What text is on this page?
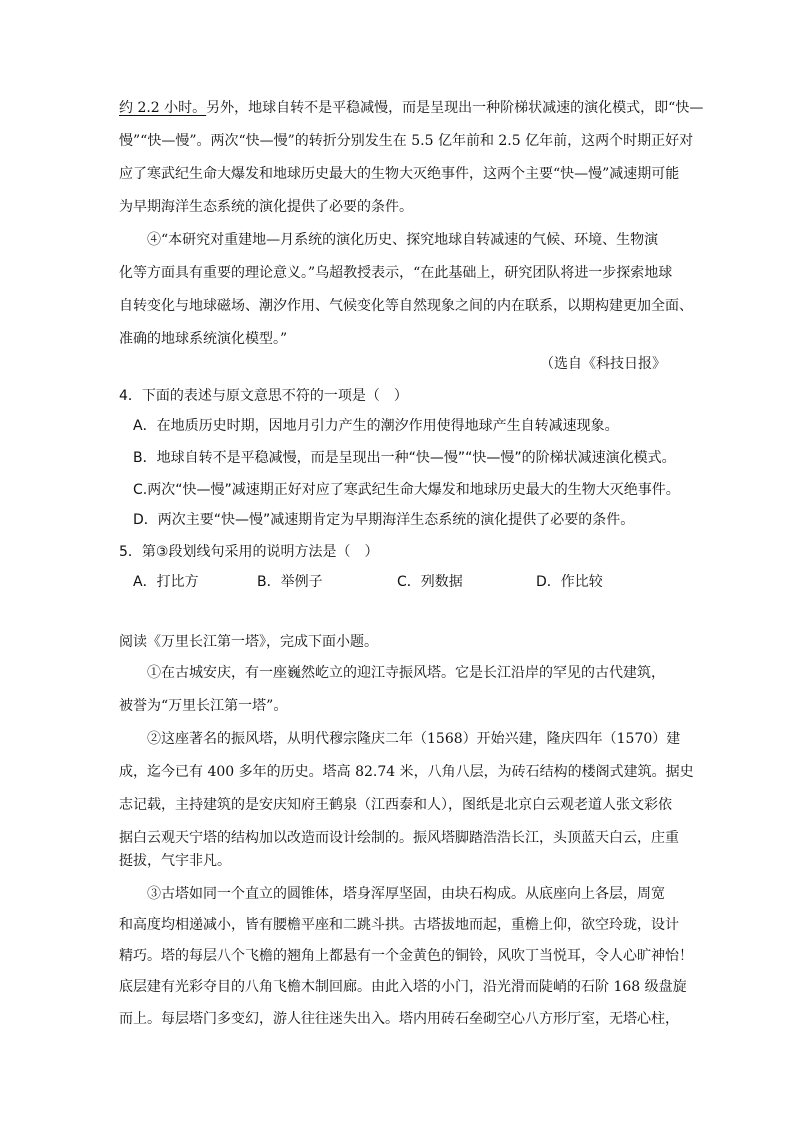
约 2.2 小时。另外，地球自转不是平稳减慢，而是呈现出一种阶梯状减速的演化模式，即“快—
慢”“快—慢”。两次“快—慢”的转折分别发生在 5.5 亿年前和 2.5 亿年前，这两个时期正好对
应了寒武纪生命大爆发和地球历史最大的生物大灭绝事件，这两个主要“快—慢”减速期可能
为早期海洋生态系统的演化提供了必要的条件。
④“本研究对重建地—月系统的演化历史、探究地球自转减速的气候、环境、生物演
化等方面具有重要的理论意义。”乌超教授表示，“在此基础上，研究团队将进一步探索地球
自转变化与地球磁场、潮汐作用、气候变化等自然现象之间的内在联系，以期构建更加全面、
准确的地球系统演化模型。”
（选自《科技日报》
4．下面的表述与原文意思不符的一项是（　）
A．在地质历史时期，因地月引力产生的潮汐作用使得地球产生自转减速现象。
B．地球自转不是平稳减慢，而是呈现出一种“快—慢”“快—慢”的阶梯状减速演化模式。
C.两次“快—慢”减速期正好对应了寒武纪生命大爆发和地球历史最大的生物大灭绝事件。
D．两次主要“快—慢”减速期肯定为早期海洋生态系统的演化提供了必要的条件。
5．第③段划线句采用的说明方法是（　）
A．打比方	B．举例子	C．列数据	D．作比较
阅读《万里长江第一塔》，完成下面小题。
①在古城安庆，有一座巍然屹立的迎江寺振风塔。它是长江沿岸的罕见的古代建筑，
被誉为“万里长江第一塔”。
②这座著名的振风塔，从明代穆宗隆庆二年（1568）开始兴建，隆庆四年（1570）建
成，迄今已有 400 多年的历史。塔高 82.74 米，八角八层，为砖石结构的楼阁式建筑。据史
志记载，主持建筑的是安庆知府王鹤泉（江西泰和人），图纸是北京白云观老道人张文彩依
据白云观天宁塔的结构加以改造而设计绘制的。振风塔脚踏浩浩长江，头顶蓝天白云，庄重
挺拔，气宇非凡。
③古塔如同一个直立的圆锥体，塔身浑厚坚固，由块石构成。从底座向上各层，周宽
和高度均相递减小，皆有腰檐平座和二跳斗拱。古塔拔地而起，重檐上仰，欲空玲珑，设计
精巧。塔的每层八个飞檐的翘角上都悬有一个金黄色的铜铃，风吹丁当悦耳，令人心旷神怡！
底层建有光彩夺目的八角飞檐木制回廊。由此入塔的小门，沿光滑而陡峭的石阶 168 级盘旋
而上。每层塔门多变幻，游人往往迷失出入。塔内用砖石垒砌空心八方形厅室，无塔心柱，
